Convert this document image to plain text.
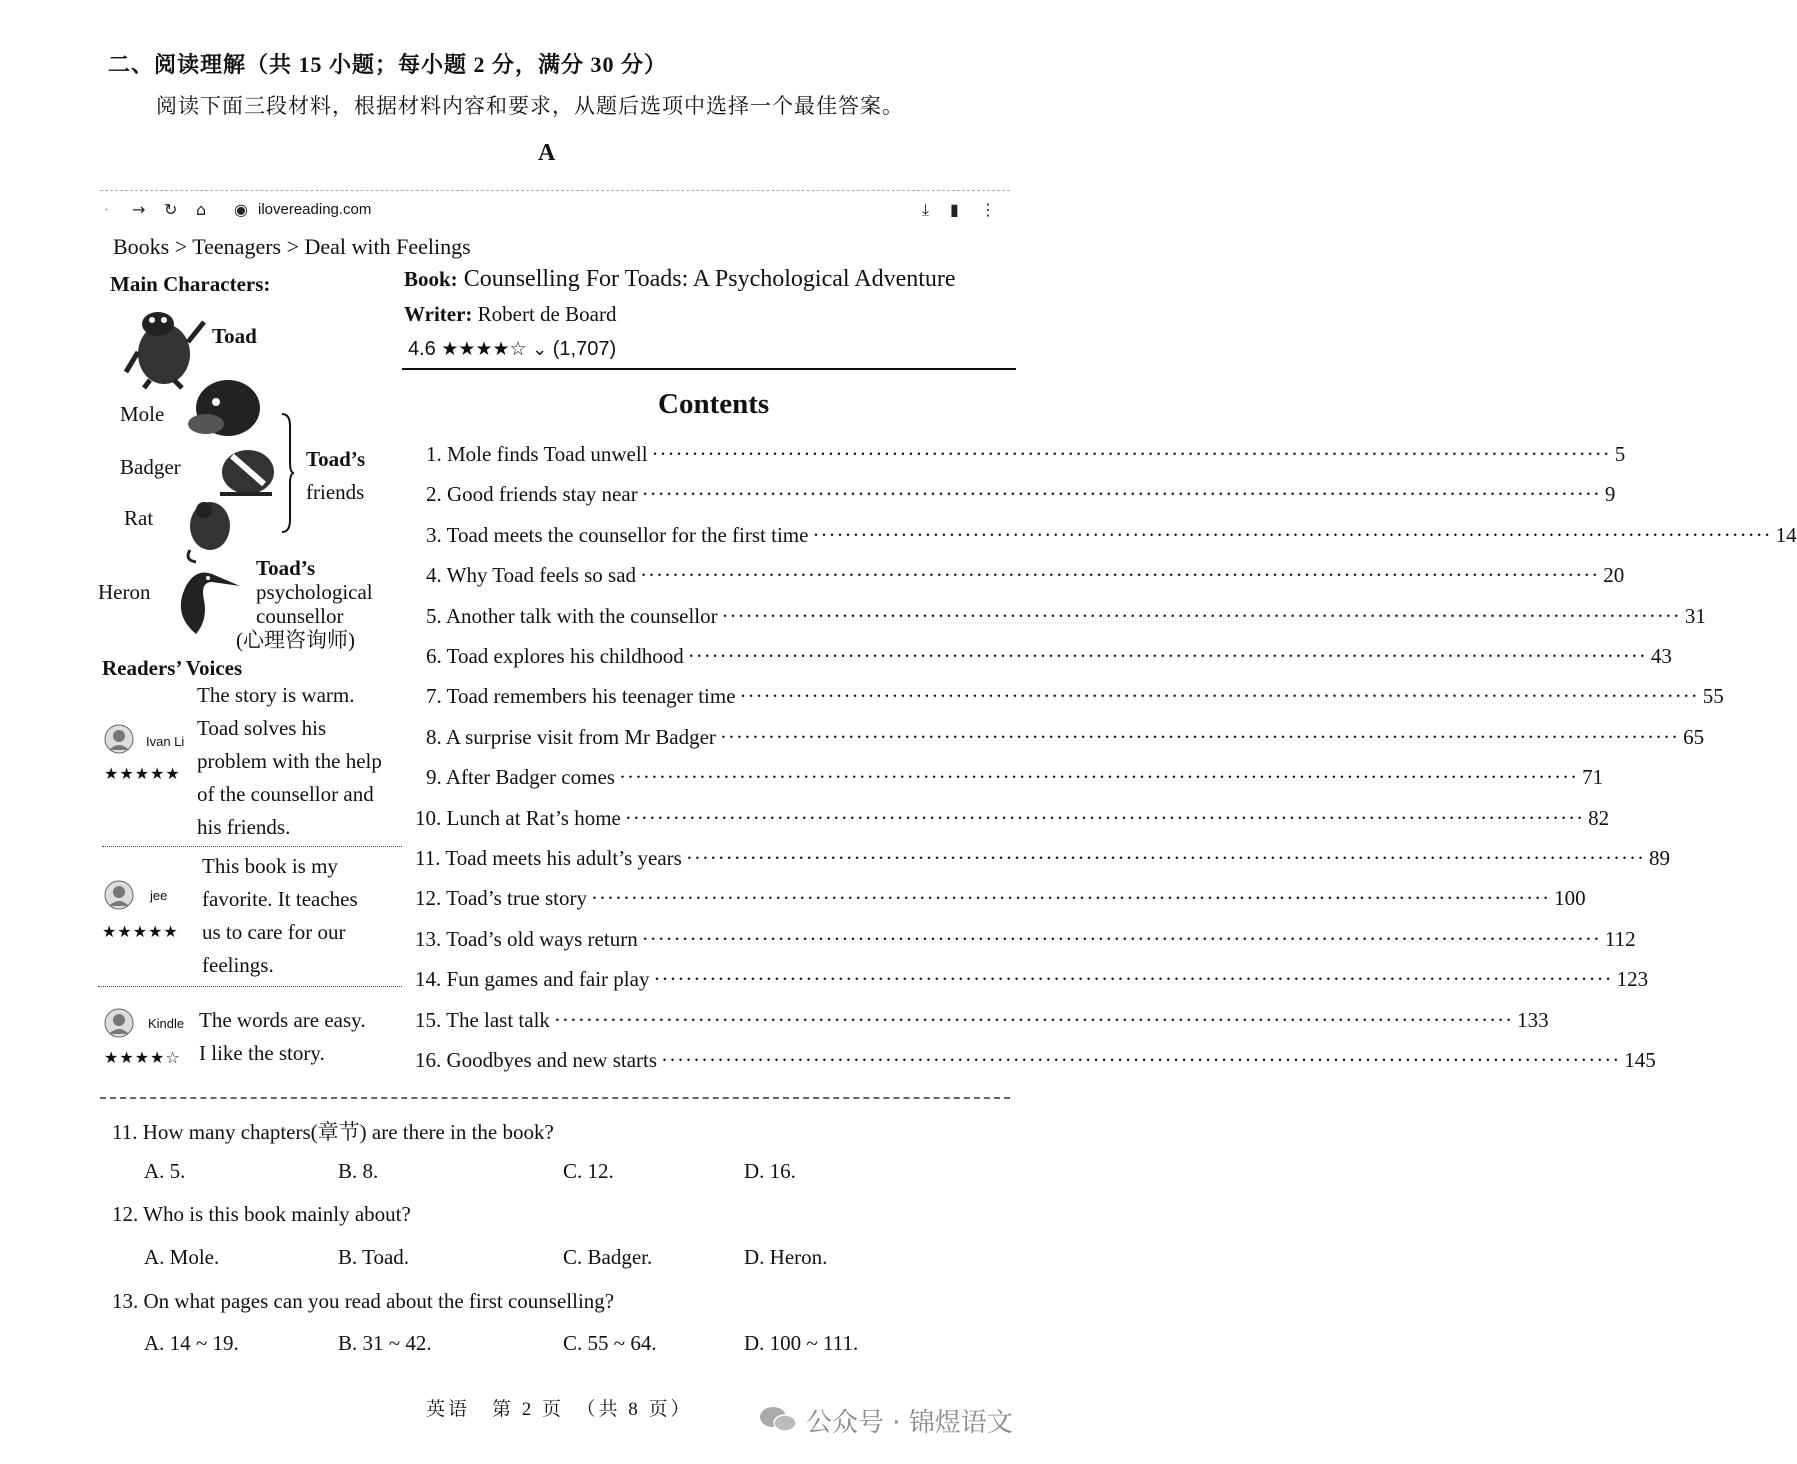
二、阅读理解（共 15 小题；每小题 2 分，满分 30 分）
阅读下面三段材料，根据材料内容和要求，从题后选项中选择一个最佳答案。
A
· → ↻ ⌂ ◉ ilovereading.com	⤓ ▮ ⋮
Books > Teenagers > Deal with Feelings
Main Characters:
Toad
Mole
Badger
Rat
Toad’s
friends
Heron
Toad’s
psychological
counsellor
(心理咨询师)
Readers’ Voices
Ivan Li
★★★★★
The story is warm.
Toad solves his
problem with the help
of the counsellor and
his friends.
jee
★★★★★
This book is my
favorite. It teaches
us to care for our
feelings.
Kindle
★★★★☆
The words are easy.
I like the story.
Book: Counselling For Toads: A Psychological Adventure
Writer: Robert de Board
4.6 ★★★★☆ ⌄ (1,707)
Contents
1. Mole finds Toad unwell ························································································································ 5
2. Good friends stay near ························································································································ 9
3. Toad meets the counsellor for the first time ························································································································ 14
4. Why Toad feels so sad ························································································································ 20
5. Another talk with the counsellor ························································································································ 31
6. Toad explores his childhood ························································································································ 43
7. Toad remembers his teenager time ························································································································ 55
8. A surprise visit from Mr Badger ························································································································ 65
9. After Badger comes ························································································································ 71
10. Lunch at Rat’s home ························································································································ 82
11. Toad meets his adult’s years ························································································································ 89
12. Toad’s true story ························································································································ 100
13. Toad’s old ways return ························································································································ 112
14. Fun games and fair play ························································································································ 123
15. The last talk ························································································································ 133
16. Goodbyes and new starts ························································································································ 145
11. How many chapters(章节) are there in the book?
A. 5.	B. 8.	C. 12.	D. 16.
12. Who is this book mainly about?
A. Mole.	B. Toad.	C. Badger.	D. Heron.
13. On what pages can you read about the first counselling?
A. 14 ~ 19.	B. 31 ~ 42.	C. 55 ~ 64.	D. 100 ~ 111.
英语　第 2 页　（共 8 页）	公众号 · 锦煜语文
